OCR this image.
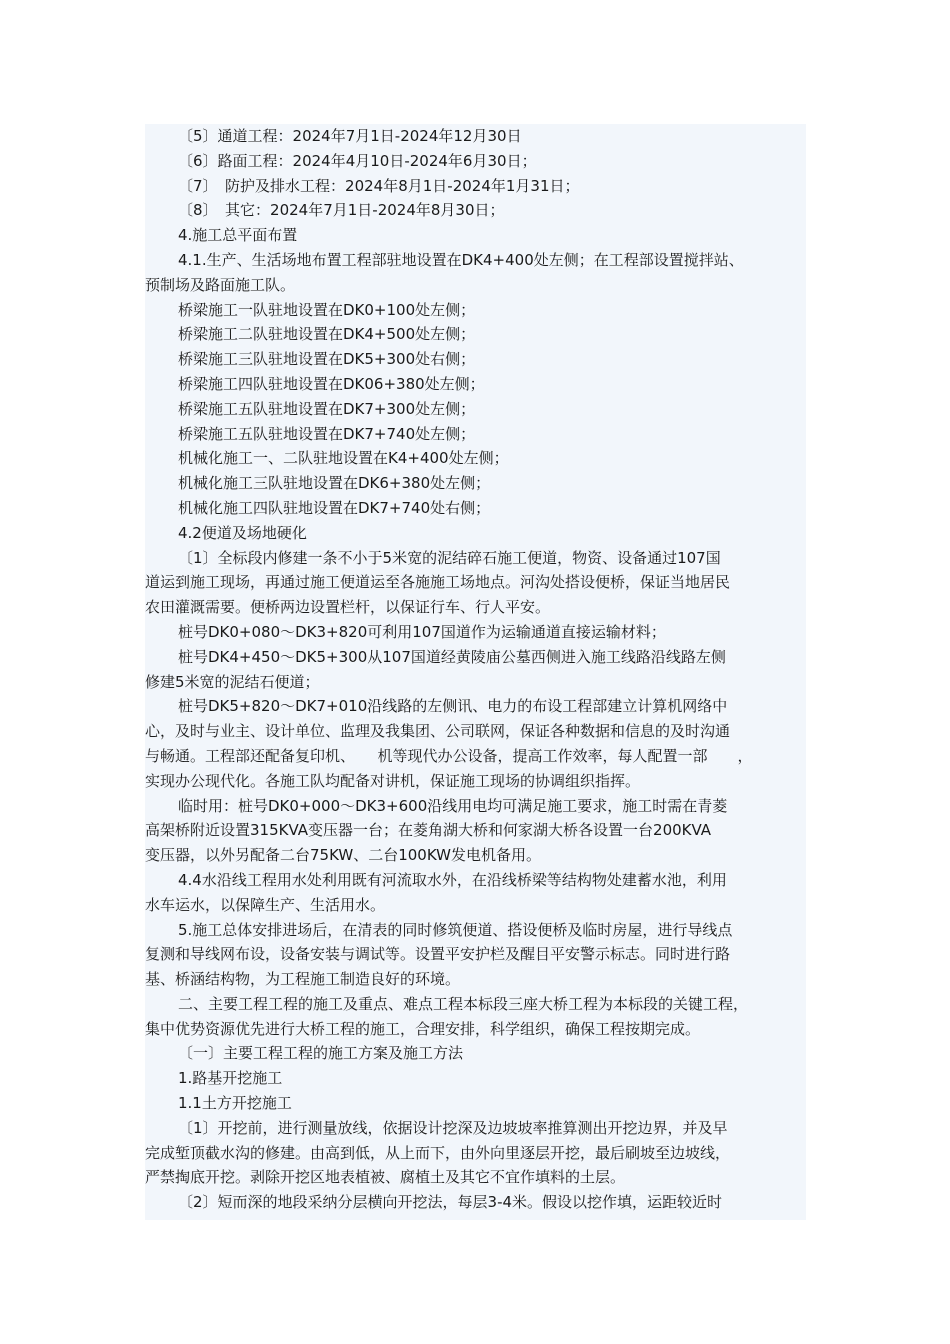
〔5〕通道工程：2024年7月1日-2024年12月30日
〔6〕路面工程：2024年4月10日-2024年6月30日；
〔7〕　防护及排水工程：2024年8月1日-2024年1月31日；
〔8〕　其它：2024年7月1日-2024年8月30日；
4.施工总平面布置
4.1.生产、生活场地布置工程部驻地设置在DK4+400处左侧；在工程部设置搅拌站、
预制场及路面施工队。
桥梁施工一队驻地设置在DK0+100处左侧；
桥梁施工二队驻地设置在DK4+500处左侧；
桥梁施工三队驻地设置在DK5+300处右侧；
桥梁施工四队驻地设置在DK06+380处左侧；
桥梁施工五队驻地设置在DK7+300处左侧；
桥梁施工五队驻地设置在DK7+740处左侧；
机械化施工一、二队驻地设置在K4+400处左侧；
机械化施工三队驻地设置在DK6+380处左侧；
机械化施工四队驻地设置在DK7+740处右侧；
4.2便道及场地硬化
〔1〕全标段内修建一条不小于5米宽的泥结碎石施工便道，物资、设备通过107国
道运到施工现场，再通过施工便道运至各施施工场地点。河沟处搭设便桥，保证当地居民
农田灌溉需要。便桥两边设置栏杆，以保证行车、行人平安。
桩号DK0+080～DK3+820可利用107国道作为运输通道直接运输材料；
桩号DK4+450～DK5+300从107国道经黄陵庙公墓西侧进入施工线路沿线路左侧
修建5米宽的泥结石便道；
桩号DK5+820～DK7+010沿线路的左侧讯、电力的布设工程部建立计算机网络中
心，及时与业主、设计单位、监理及我集团、公司联网，保证各种数据和信息的及时沟通
与畅通。工程部还配备复印机、　　机等现代办公设备，提高工作效率，每人配置一部　　，
实现办公现代化。各施工队均配备对讲机，保证施工现场的协调组织指挥。
临时用：桩号DK0+000～DK3+600沿线用电均可满足施工要求，施工时需在青菱
高架桥附近设置315KVA变压器一台；在菱角湖大桥和何家湖大桥各设置一台200KVA
变压器，以外另配备二台75KW、二台100KW发电机备用。
4.4水沿线工程用水处利用既有河流取水外，在沿线桥梁等结构物处建蓄水池，利用
水车运水，以保障生产、生活用水。
5.施工总体安排进场后，在清表的同时修筑便道、搭设便桥及临时房屋，进行导线点
复测和导线网布设，设备安装与调试等。设置平安护栏及醒目平安警示标志。同时进行路
基、桥涵结构物，为工程施工制造良好的环境。
二、主要工程工程的施工及重点、难点工程本标段三座大桥工程为本标段的关键工程，
集中优势资源优先进行大桥工程的施工，合理安排，科学组织，确保工程按期完成。
〔一〕主要工程工程的施工方案及施工方法
1.路基开挖施工
1.1土方开挖施工
〔1〕开挖前，进行测量放线，依据设计挖深及边坡坡率推算测出开挖边界，并及早
完成堑顶截水沟的修建。由高到低，从上而下，由外向里逐层开挖，最后刷坡至边坡线，
严禁掏底开挖。剥除开挖区地表植被、腐植土及其它不宜作填料的土层。
〔2〕短而深的地段采纳分层横向开挖法，每层3-4米。假设以挖作填，运距较近时
